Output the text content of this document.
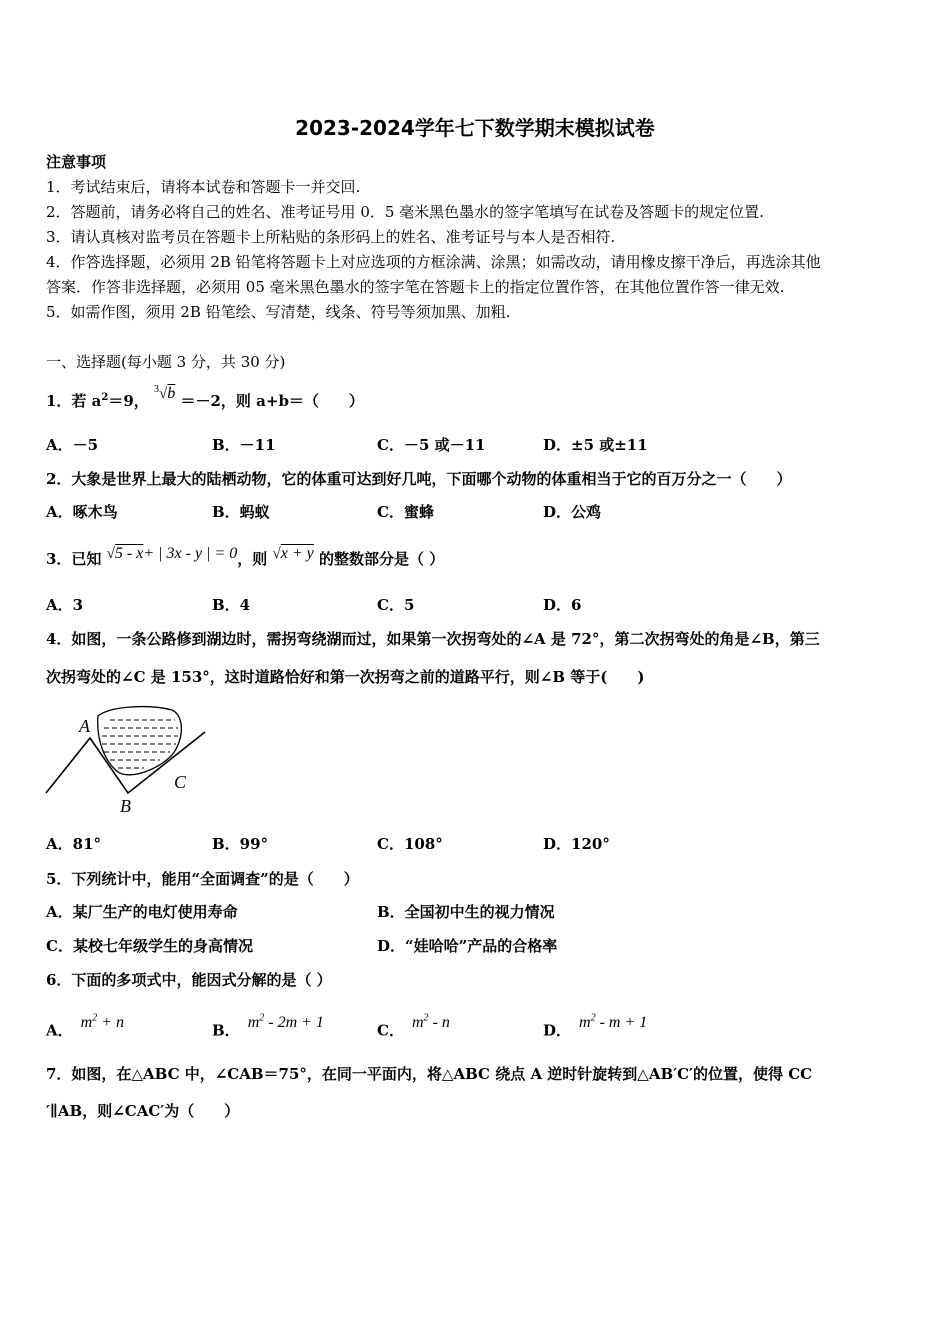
2023-2024学年七下数学期末模拟试卷
注意事项
1．考试结束后，请将本试卷和答题卡一并交回.
2．答题前，请务必将自己的姓名、准考证号用 0．5 毫米黑色墨水的签字笔填写在试卷及答题卡的规定位置.
3．请认真核对监考员在答题卡上所粘贴的条形码上的姓名、准考证号与本人是否相符.
4．作答选择题，必须用 2B 铅笔将答题卡上对应选项的方框涂满、涂黑；如需改动，请用橡皮擦干净后，再选涂其他
答案．作答非选择题，必须用 05 毫米黑色墨水的签字笔在答题卡上的指定位置作答，在其他位置作答一律无效.
5．如需作图，须用 2B 铅笔绘、写清楚，线条、符号等须加黑、加粗.
一、选择题(每小题 3 分，共 30 分)
1．若 $a^2=9$， $^3$√b ＝－2，则 a+b＝（　　）
A．－5	B．－11	C．－5 或－11	D．±5 或±11
2．大象是世界上最大的陆栖动物，它的体重可达到好几吨，下面哪个动物的体重相当于它的百万分之一（　　）
A．啄木鸟	B．蚂蚁	C．蜜蜂	D．公鸡
3．已知 √5 - x+ | 3x - y | = 0，则 √x + y 的整数部分是（ ）
A．3	B．4	C．5	D．6
4．如图，一条公路修到湖边时，需拐弯绕湖而过，如果第一次拐弯处的∠A 是 72°，第二次拐弯处的角是∠B，第三
次拐弯处的∠C 是 153°，这时道路恰好和第一次拐弯之前的道路平行，则∠B 等于(　　)
A
B
C
A．81°	B．99°	C．108°	D．120°
5．下列统计中，能用“全面调查”的是（　　）
A．某厂生产的电灯使用寿命	B．全国初中生的视力情况
C．某校七年级学生的身高情况	D．“娃哈哈”产品的合格率
6．下面的多项式中，能因式分解的是（ ）
A． $m^2 + n$	B． $m^2 - 2m + 1$	C． $m^2$ - n	D． $m^2 - m + 1$
7．如图，在△ABC 中，∠CAB＝75°，在同一平面内，将△ABC 绕点 A 逆时针旋转到△AB′C′的位置，使得 CC
′∥AB，则∠CAC′为（　　）
